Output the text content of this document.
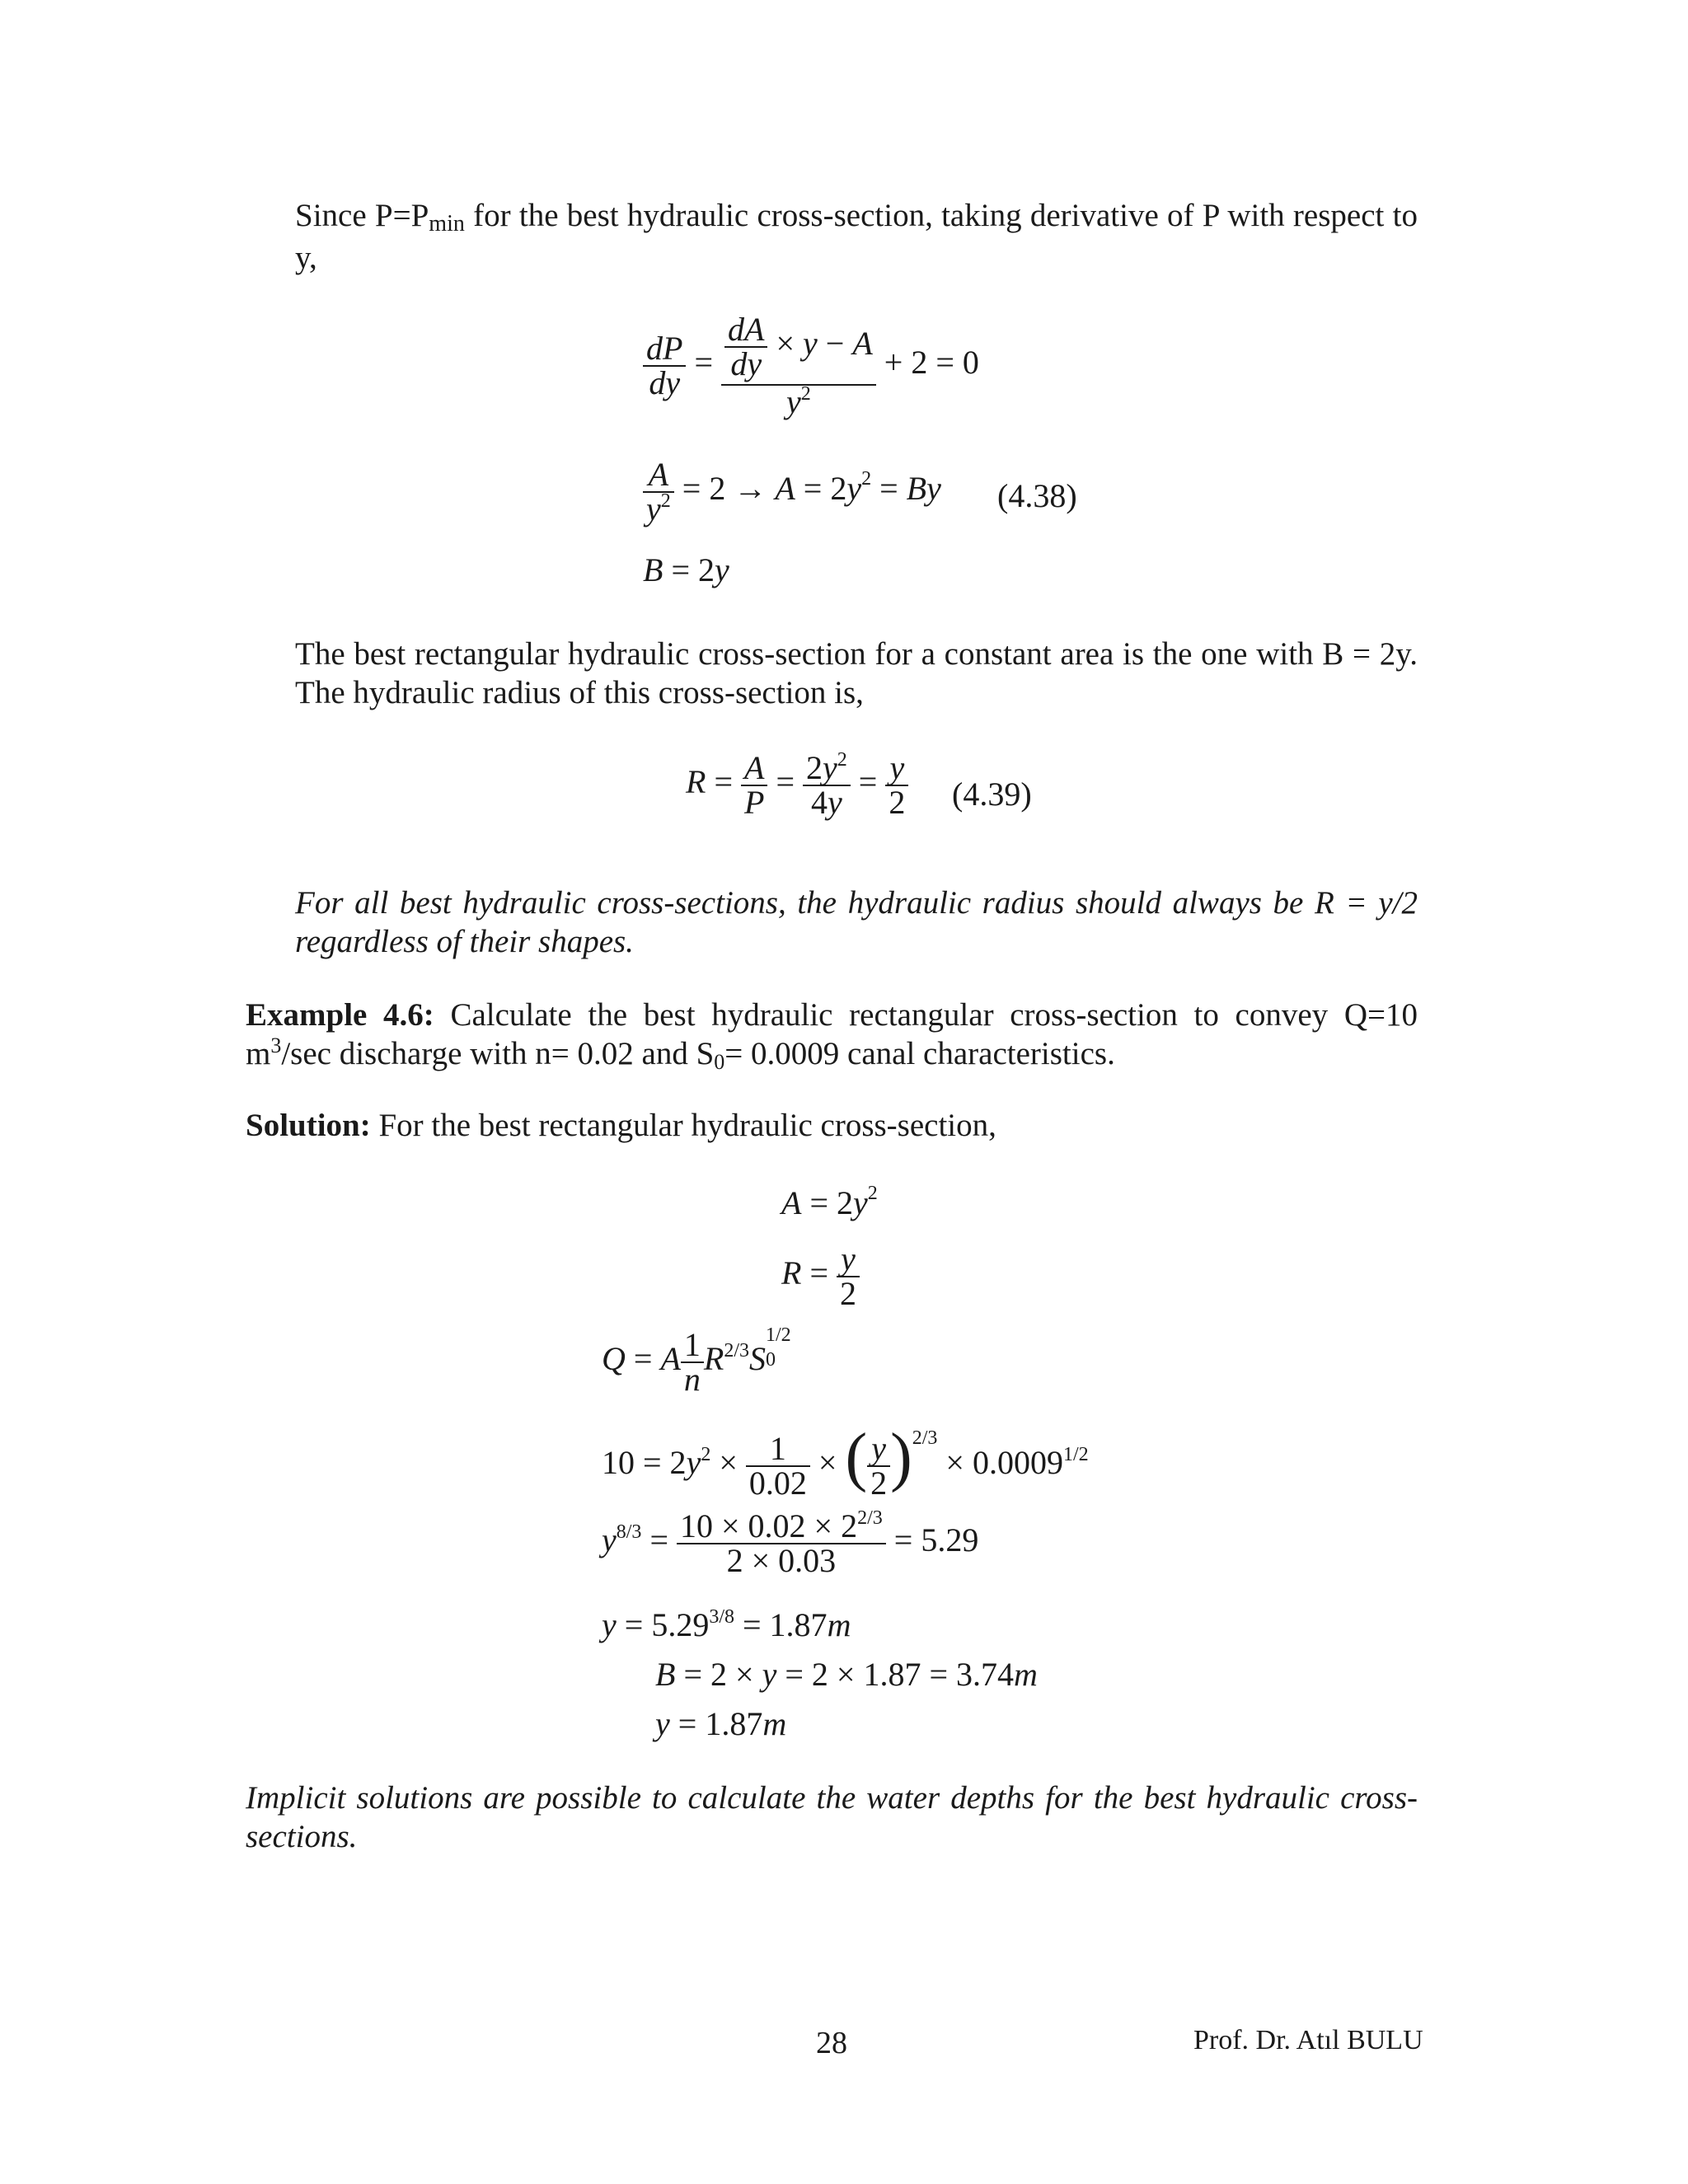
Since P=Pmin for the best hydraulic cross-section, taking derivative of P with respect to y,
$\frac{dP}{dy} = \frac{\frac{dA}{dy} \times y - A}{y^2} + 2 = 0$
$\frac{A}{y^2} = 2 \to A = 2y^2 = By$ (4.38)
B = 2y
The best rectangular hydraulic cross-section for a constant area is the one with B = 2y. The hydraulic radius of this cross-section is,
$R = \frac{A}{P} = \frac{2y^2}{4y} = \frac{y}{2} (4.39)$
For all best hydraulic cross-sections, the hydraulic radius should always be R = y/2 regardless of their shapes.
Example 4.6: Calculate the best hydraulic rectangular cross-section to convey Q=10 $m^3/\sec$ discharge with n= 0.02 and S0= 0.0009 canal characteristics.
Solution: For the best rectangular hydraulic cross-section,
$A = 2y^2$
$R = \frac{y}{2}$
Q = A $\frac{1}{n} R^{2/3}S$
1/2
0
$10 = 2y^2 \times \frac{1}{0.02}$ × ( $\frac{y}{2} )^{2/3} \times 0.0009^{1/2}$
$y^{8/3} = \frac{10 \times 0.02 \times 2^{2/3}}{2 \times 0.03} = 5.29$
$y = 5.29^{3/8} = 1.87m$
B = 2 × y = 2 × 1.87 = 3.74m
y = 1.87m
Implicit solutions are possible to calculate the water depths for the best hydraulic cross-sections.
28	Prof. Dr. Atıl BULU
